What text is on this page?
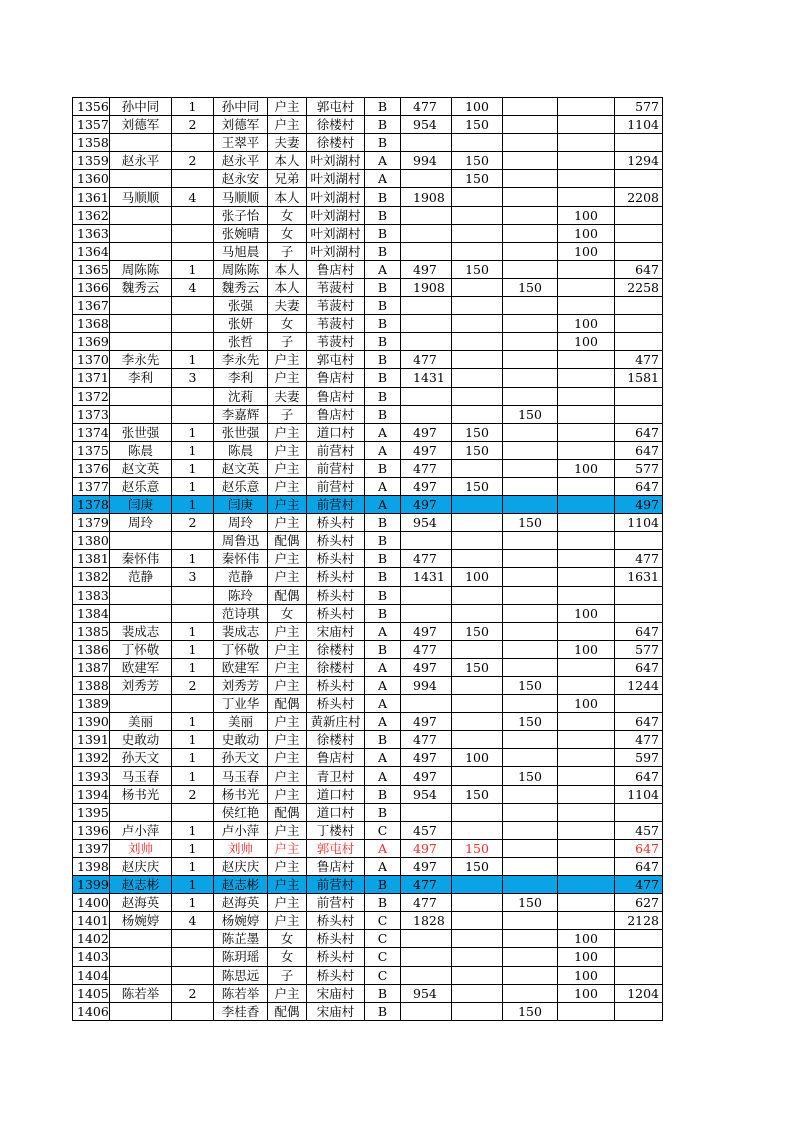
1356	孙中同	1	孙中同	户主	郭屯村	B	477	100			577
1357	刘德军	2	刘德军	户主	徐楼村	B	954	150			1104
1358			王翠平	夫妻	徐楼村	B					
1359	赵永平	2	赵永平	本人	叶刘湖村	A	994	150			1294
1360			赵永安	兄弟	叶刘湖村	A		150			
1361	马顺顺	4	马顺顺	本人	叶刘湖村	B	1908				2208
1362			张子怡	女	叶刘湖村	B				100	
1363			张婉晴	女	叶刘湖村	B				100	
1364			马旭晨	子	叶刘湖村	B				100	
1365	周陈陈	1	周陈陈	本人	鲁店村	A	497	150			647
1366	魏秀云	4	魏秀云	本人	苇菠村	B	1908		150		2258
1367			张强	夫妻	苇菠村	B					
1368			张妍	女	苇菠村	B				100	
1369			张哲	子	苇菠村	B				100	
1370	李永先	1	李永先	户主	郭屯村	B	477				477
1371	李利	3	李利	户主	鲁店村	B	1431				1581
1372			沈莉	夫妻	鲁店村	B					
1373			李嘉辉	子	鲁店村	B			150		
1374	张世强	1	张世强	户主	道口村	A	497	150			647
1375	陈晨	1	陈晨	户主	前营村	A	497	150			647
1376	赵文英	1	赵文英	户主	前营村	B	477			100	577
1377	赵乐意	1	赵乐意	户主	前营村	A	497	150			647
1378	闫庚	1	闫庚	户主	前营村	A	497				497
1379	周玲	2	周玲	户主	桥头村	B	954		150		1104
1380			周鲁迅	配偶	桥头村	B					
1381	秦怀伟	1	秦怀伟	户主	桥头村	B	477				477
1382	范静	3	范静	户主	桥头村	B	1431	100			1631
1383			陈玲	配偶	桥头村	B					
1384			范诗琪	女	桥头村	B				100	
1385	裴成志	1	裴成志	户主	宋庙村	A	497	150			647
1386	丁怀敬	1	丁怀敬	户主	徐楼村	B	477			100	577
1387	欧建军	1	欧建军	户主	徐楼村	A	497	150			647
1388	刘秀芳	2	刘秀芳	户主	桥头村	A	994		150		1244
1389			丁业华	配偶	桥头村	A				100	
1390	美丽	1	美丽	户主	黄新庄村	A	497		150		647
1391	史敢动	1	史敢动	户主	徐楼村	B	477				477
1392	孙天文	1	孙天文	户主	鲁店村	A	497	100			597
1393	马玉春	1	马玉春	户主	青卫村	A	497		150		647
1394	杨书光	2	杨书光	户主	道口村	B	954	150			1104
1395			侯红艳	配偶	道口村	B					
1396	卢小萍	1	卢小萍	户主	丁楼村	C	457				457
1397	刘帅	1	刘帅	户主	郭屯村	A	497	150			647
1398	赵庆庆	1	赵庆庆	户主	鲁店村	A	497	150			647
1399	赵志彬	1	赵志彬	户主	前营村	B	477				477
1400	赵海英	1	赵海英	户主	前营村	B	477		150		627
1401	杨婉婷	4	杨婉婷	户主	桥头村	C	1828				2128
1402			陈芷墨	女	桥头村	C				100	
1403			陈玥瑶	女	桥头村	C				100	
1404			陈思远	子	桥头村	C				100	
1405	陈若举	2	陈若举	户主	宋庙村	B	954			100	1204
1406			李桂香	配偶	宋庙村	B			150		
